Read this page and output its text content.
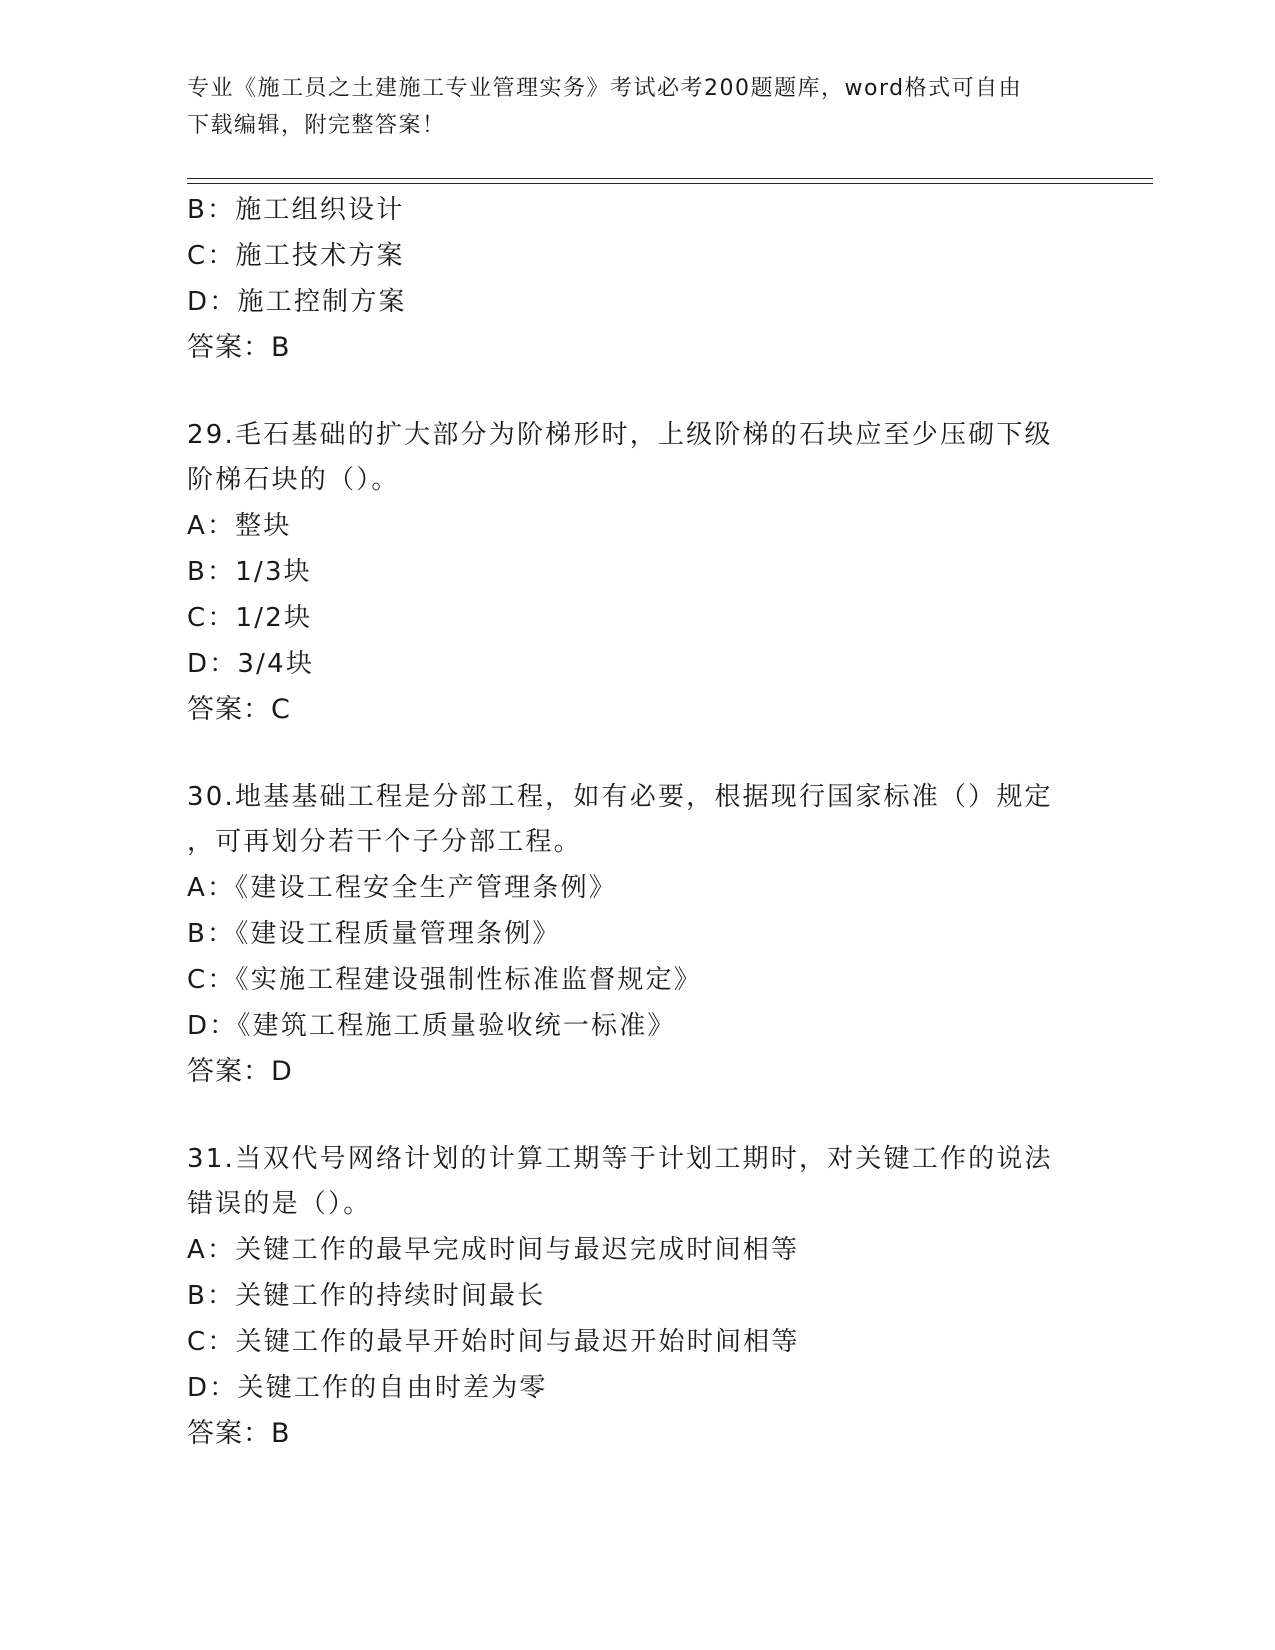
专业《施工员之土建施工专业管理实务》考试必考200题题库，word格式可自由
下载编辑，附完整答案！
B：施工组织设计
C：施工技术方案
D：施工控制方案
答案：B
29.毛石基础的扩大部分为阶梯形时，上级阶梯的石块应至少压砌下级
阶梯石块的（）。
A：整块
B：1/3块
C：1/2块
D：3/4块
答案：C
30.地基基础工程是分部工程，如有必要，根据现行国家标准（）规定
，可再划分若干个子分部工程。
A：《建设工程安全生产管理条例》
B：《建设工程质量管理条例》
C：《实施工程建设强制性标准监督规定》
D：《建筑工程施工质量验收统一标准》
答案：D
31.当双代号网络计划的计算工期等于计划工期时，对关键工作的说法
错误的是（）。
A：关键工作的最早完成时间与最迟完成时间相等
B：关键工作的持续时间最长
C：关键工作的最早开始时间与最迟开始时间相等
D：关键工作的自由时差为零
答案：B
